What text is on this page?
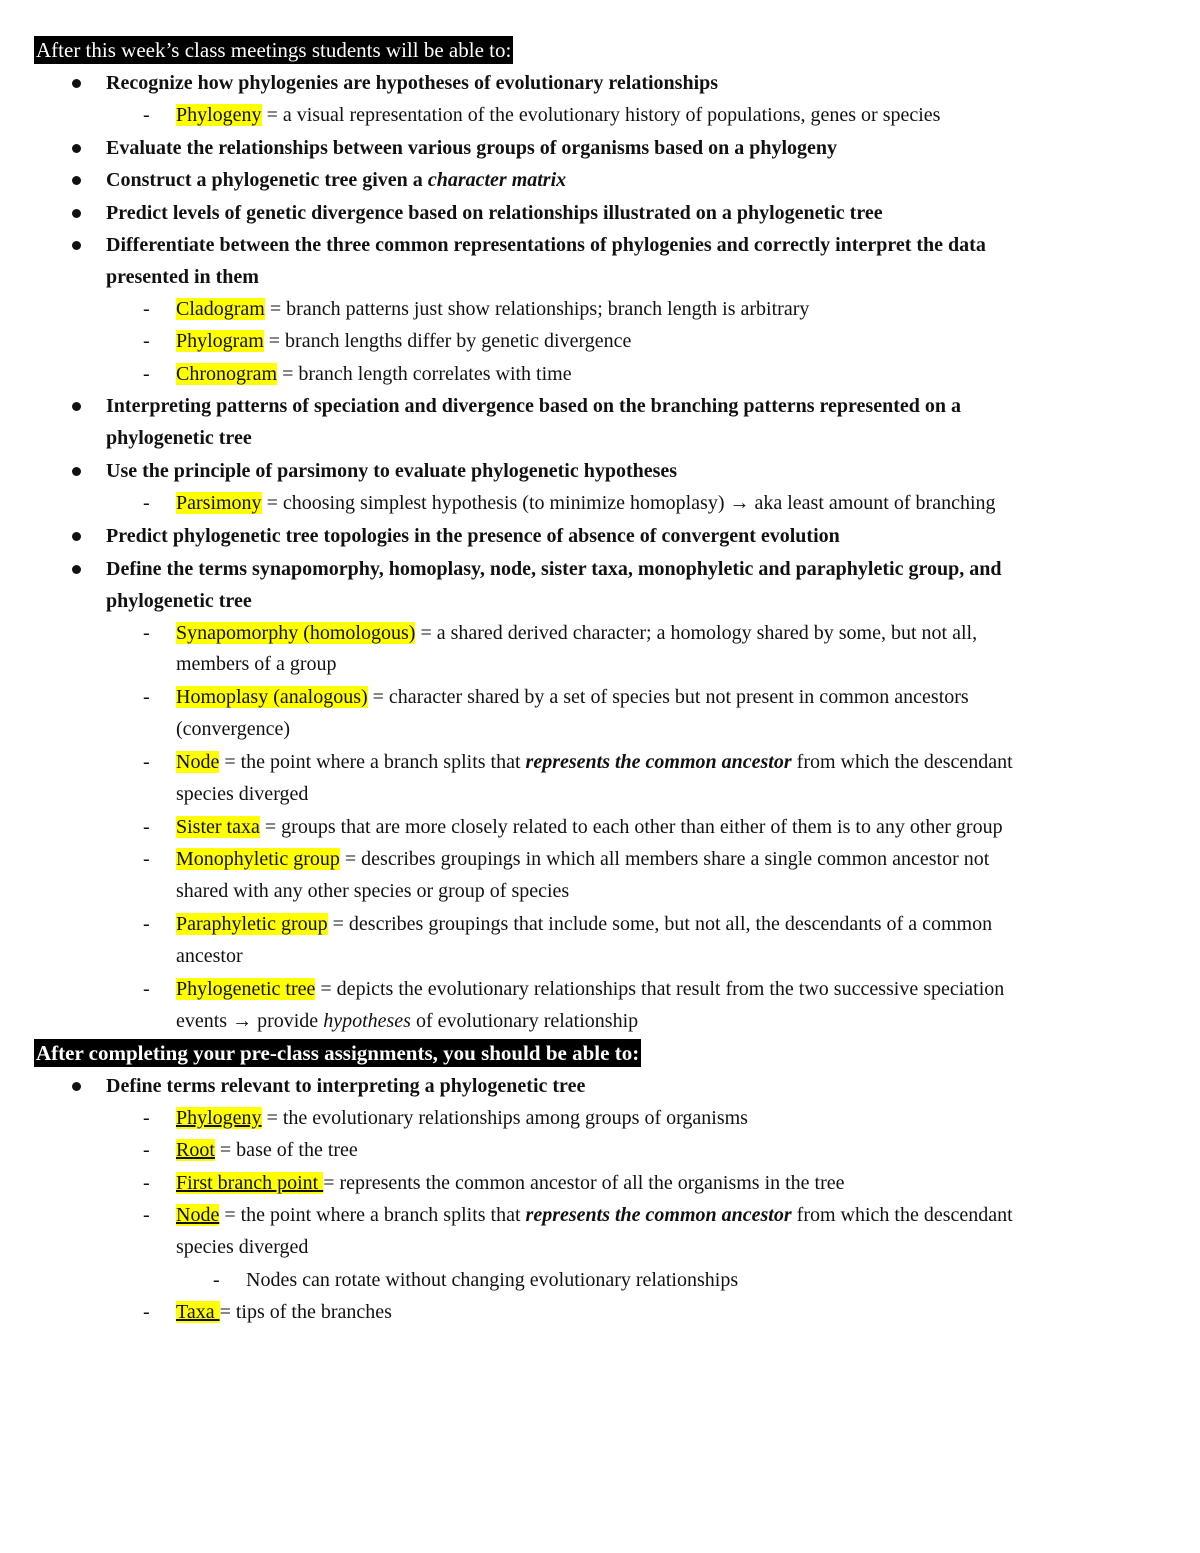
After this week’s class meetings students will be able to:
Recognize how phylogenies are hypotheses of evolutionary relationships
- Phylogeny = a visual representation of the evolutionary history of populations, genes or species
Evaluate the relationships between various groups of organisms based on a phylogeny
Construct a phylogenetic tree given a character matrix
Predict levels of genetic divergence based on relationships illustrated on a phylogenetic tree
Differentiate between the three common representations of phylogenies and correctly interpret the data
presented in them
- Cladogram = branch patterns just show relationships; branch length is arbitrary
- Phylogram = branch lengths differ by genetic divergence
- Chronogram = branch length correlates with time
Interpreting patterns of speciation and divergence based on the branching patterns represented on a
phylogenetic tree
Use the principle of parsimony to evaluate phylogenetic hypotheses
- Parsimony = choosing simplest hypothesis (to minimize homoplasy) → aka least amount of branching
Predict phylogenetic tree topologies in the presence of absence of convergent evolution
Define the terms synapomorphy, homoplasy, node, sister taxa, monophyletic and paraphyletic group, and
phylogenetic tree
- Synapomorphy (homologous) = a shared derived character; a homology shared by some, but not all,
members of a group
- Homoplasy (analogous) = character shared by a set of species but not present in common ancestors
(convergence)
- Node = the point where a branch splits that represents the common ancestor from which the descendant
species diverged
- Sister taxa = groups that are more closely related to each other than either of them is to any other group
- Monophyletic group = describes groupings in which all members share a single common ancestor not
shared with any other species or group of species
- Paraphyletic group = describes groupings that include some, but not all, the descendants of a common
ancestor
- Phylogenetic tree = depicts the evolutionary relationships that result from the two successive speciation
events → provide hypotheses of evolutionary relationship
After completing your pre-class assignments, you should be able to:
Define terms relevant to interpreting a phylogenetic tree
- Phylogeny = the evolutionary relationships among groups of organisms
- Root = base of the tree
- First branch point = represents the common ancestor of all the organisms in the tree
- Node = the point where a branch splits that represents the common ancestor from which the descendant
species diverged
- Nodes can rotate without changing evolutionary relationships
- Taxa = tips of the branches
